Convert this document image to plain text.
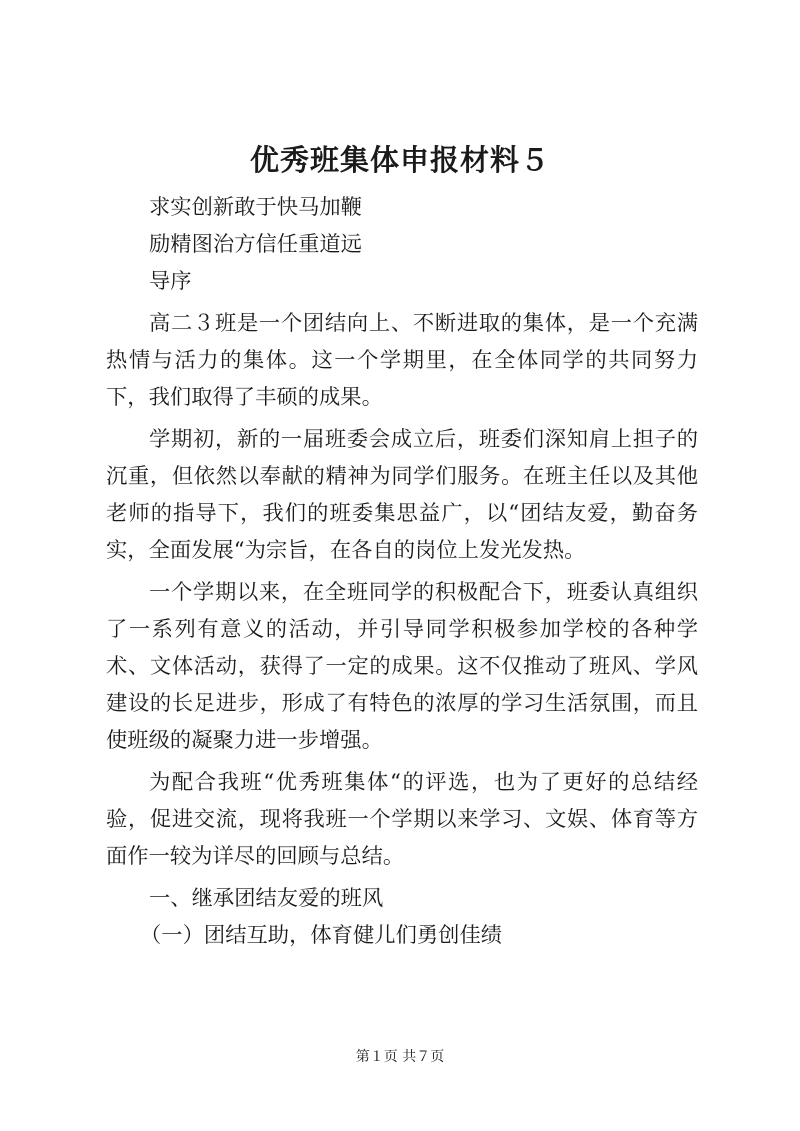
优秀班集体申报材料５
求实创新敢于快马加鞭
励精图治方信任重道远
导序

高二３班是一个团结向上、不断进取的集体，是一个充满热情与活力的集体。这一个学期里，在全体同学的共同努力下，我们取得了丰硕的成果。

学期初，新的一届班委会成立后，班委们深知肩上担子的沉重，但依然以奉献的精神为同学们服务。在班主任以及其他老师的指导下，我们的班委集思益广，以“团结友爱，勤奋务实，全面发展“为宗旨，在各自的岗位上发光发热。

一个学期以来，在全班同学的积极配合下，班委认真组织了一系列有意义的活动，并引导同学积极参加学校的各种学术、文体活动，获得了一定的成果。这不仅推动了班风、学风建设的长足进步，形成了有特色的浓厚的学习生活氛围，而且使班级的凝聚力进一步增强。

为配合我班“优秀班集体“的评选，也为了更好的总结经验，促进交流，现将我班一个学期以来学习、文娱、体育等方面作一较为详尽的回顾与总结。

一、继承团结友爱的班风
（一）团结互助，体育健儿们勇创佳绩
第１页 共７页
